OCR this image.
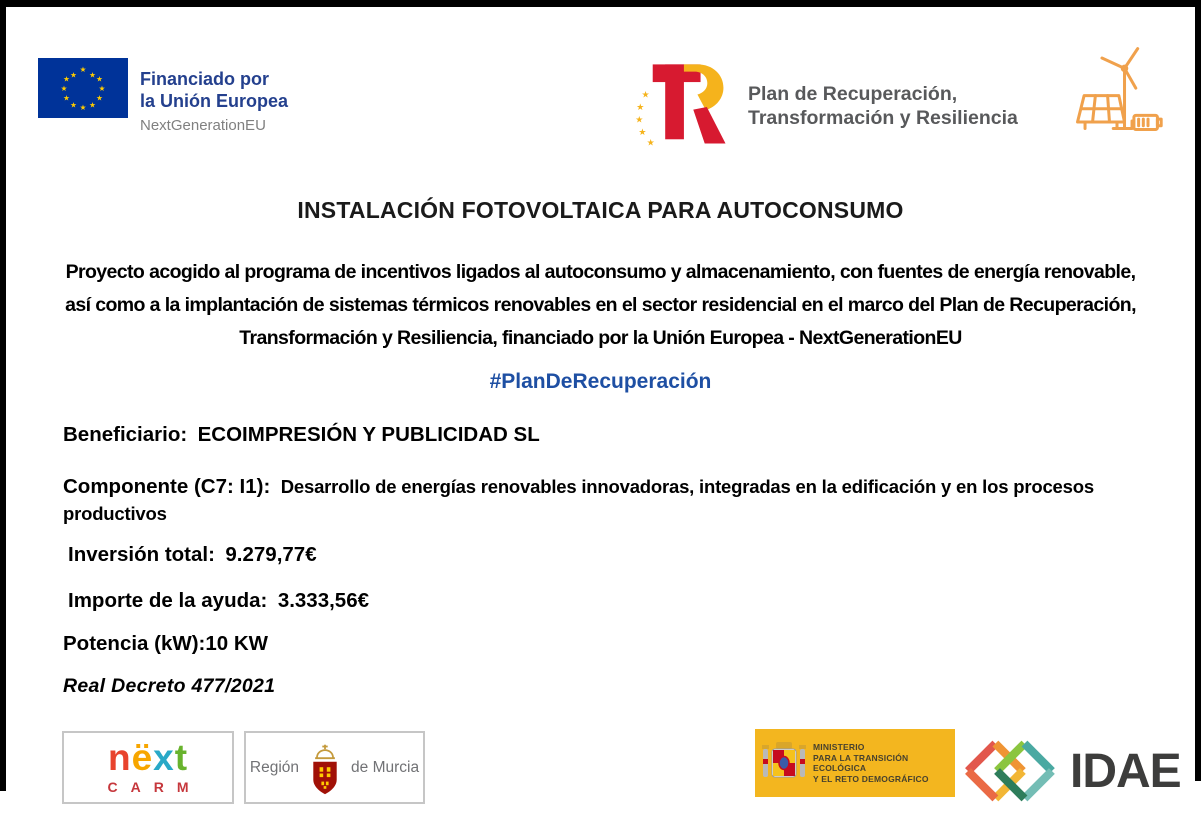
★
★ ★
★
★
★
★
★
★
★
★ ★	Financiado por
la Unión Europea
NextGenerationEU
★
★
★
★
★
Plan de Recuperación,
Transformación y Resiliencia
INSTALACIÓN FOTOVOLTAICA PARA AUTOCONSUMO
Proyecto acogido al programa de incentivos ligados al autoconsumo y almacenamiento, con fuentes de energía renovable, así como a la implantación de sistemas térmicos renovables en el sector residencial en el marco del Plan de Recuperación, Transformación y Resiliencia, financiado por la Unión Europea - NextGenerationEU
#PlanDeRecuperación
Beneficiario: ECOIMPRESIÓN Y PUBLICIDAD SL
Componente (C7: I1): Desarrollo de energías renovables innovadoras, integradas en la edificación y en los procesos productivos
Inversión total: 9.279,77€
Importe de la ayuda: 3.333,56€
Potencia (kW):10 KW
Real Decreto 477/2021
nëxt
CARM
Región	de Murcia
MINISTERIO
PARA LA TRANSICIÓN ECOLÓGICA
Y EL RETO DEMOGRÁFICO	IDAE
